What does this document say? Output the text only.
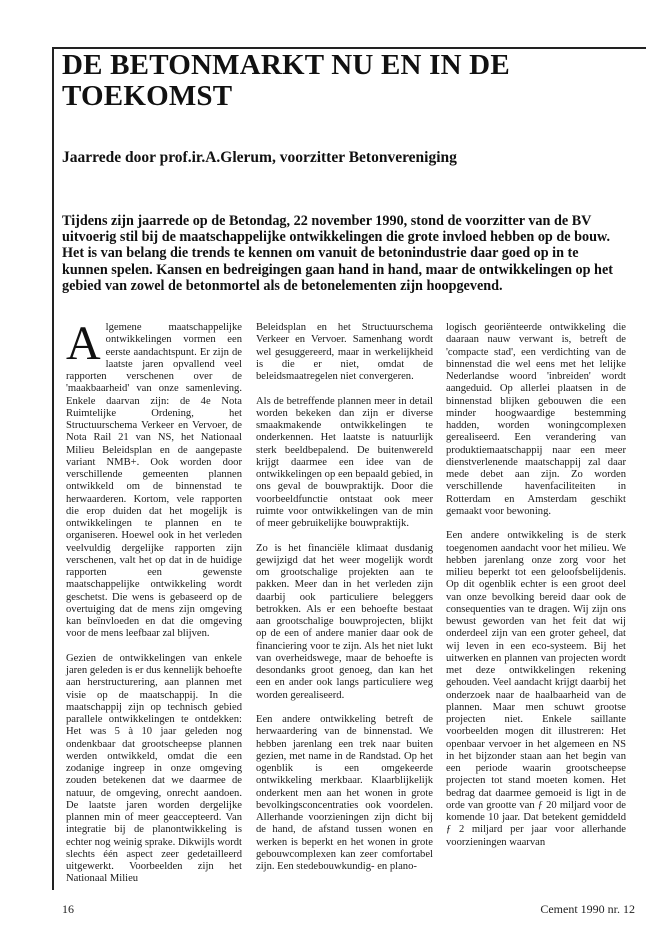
DE BETONMARKT NU EN IN DE TOEKOMST
Jaarrede door prof.ir.A.Glerum, voorzitter Betonvereniging

Tijdens zijn jaarrede op de Betondag, 22 november 1990, stond de voorzitter van de BV uitvoerig stil bij de maatschappelijke ontwikkelingen die grote invloed hebben op de bouw. Het is van belang die trends te kennen om vanuit de betonindustrie daar goed op in te kunnen spelen. Kansen en bedreigingen gaan hand in hand, maar de ontwikkelingen op het gebied van zowel de betonmortel als de betonelementen zijn hoopgevend.

Algemene maatschappelijke ontwikkelingen vormen een eerste aandachtspunt. Er zijn de laatste jaren opvallend veel rapporten verschenen over de 'maakbaarheid' van onze samenleving. Enkele daarvan zijn: de 4e Nota Ruimtelijke Ordening, het Structuurschema Verkeer en Vervoer, de Nota Rail 21 van NS, het Nationaal Milieu Beleidsplan en de aangepaste variant NMB+. Ook worden door verschillende gemeenten plannen ontwikkeld om de binnenstad te herwaarderen. Kortom, vele rapporten die erop duiden dat het mogelijk is ontwikkelingen te plannen en te organiseren. Hoewel ook in het verleden veelvuldig dergelijke rapporten zijn verschenen, valt het op dat in de huidige rapporten een gewenste maatschappelijke ontwikkeling wordt geschetst. Die wens is gebaseerd op de overtuiging dat de mens zijn omgeving kan beïnvloeden en dat die omgeving voor de mens leefbaar zal blijven.

Gezien de ontwikkelingen van enkele jaren geleden is er dus kennelijk behoefte aan herstructurering, aan plannen met visie op de maatschappij. In die maatschappij zijn op technisch gebied parallele ontwikkelingen te ontdekken: Het was 5 à 10 jaar geleden nog ondenkbaar dat grootscheepse plannen werden ontwikkeld, omdat die een zodanige ingreep in onze omgeving zouden betekenen dat we daarmee de natuur, de omgeving, onrecht aandoen. De laatste jaren worden dergelijke plannen min of meer geaccepteerd. Van integratie bij de planontwikkeling is echter nog weinig sprake. Dikwijls wordt slechts één aspect zeer gedetailleerd uitgewerkt. Voorbeelden zijn het Nationaal Milieu

Beleidsplan en het Structuurschema Verkeer en Vervoer. Samenhang wordt wel gesuggereerd, maar in werkelijkheid is die er niet, omdat de beleidsmaatregelen niet convergeren.

Als de betreffende plannen meer in detail worden bekeken dan zijn er diverse smaakmakende ontwikkelingen te onderkennen. Het laatste is natuurlijk sterk beeldbepalend. De buitenwereld krijgt daarmee een idee van de ontwikkelingen op een bepaald gebied, in ons geval de bouwpraktijk. Door die voorbeeldfunctie ontstaat ook meer ruimte voor ontwikkelingen van de min of meer gebruikelijke bouwpraktijk.

Zo is het financiële klimaat dusdanig gewijzigd dat het weer mogelijk wordt om grootschalige projekten aan te pakken. Meer dan in het verleden zijn daarbij ook particuliere beleggers betrokken. Als er een behoefte bestaat aan grootschalige bouwprojecten, blijkt op de een of andere manier daar ook de financiering voor te zijn. Als het niet lukt van overheidswege, maar de behoefte is desondanks groot genoeg, dan kan het een en ander ook langs particuliere weg worden gerealiseerd.

Een andere ontwikkeling betreft de herwaardering van de binnenstad. We hebben jarenlang een trek naar buiten gezien, met name in de Randstad. Op het ogenblik is een omgekeerde ontwikkeling merkbaar. Klaarblijkelijk onderkent men aan het wonen in grote bevolkingsconcentraties ook voordelen. Allerhande voorzieningen zijn dicht bij de hand, de afstand tussen wonen en werken is beperkt en het wonen in grote gebouwcomplexen kan zeer comfortabel zijn. Een stedebouwkundig- en plano-

logisch georiënteerde ontwikkeling die daaraan nauw verwant is, betreft de 'compacte stad', een verdichting van de binnenstad die wel eens met het lelijke Nederlandse woord 'inbreiden' wordt aangeduid. Op allerlei plaatsen in de binnenstad blijken gebouwen die een minder hoogwaardige bestemming hadden, worden woningcomplexen gerealiseerd. Een verandering van produktiemaatschappij naar een meer dienstverlenende maatschappij zal daar mede debet aan zijn. Zo worden verschillende havenfaciliteiten in Rotterdam en Amsterdam geschikt gemaakt voor bewoning.

Een andere ontwikkeling is de sterk toegenomen aandacht voor het milieu. We hebben jarenlang onze zorg voor het milieu beperkt tot een geloofsbelijdenis. Op dit ogenblik echter is een groot deel van onze bevolking bereid daar ook de consequenties van te dragen. Wij zijn ons bewust geworden van het feit dat wij onderdeel zijn van een groter geheel, dat wij leven in een eco-systeem. Bij het uitwerken en plannen van projecten wordt met deze ontwikkelingen rekening gehouden. Veel aandacht krijgt daarbij het onderzoek naar de haalbaarheid van de plannen. Maar men schuwt grootse projecten niet. Enkele saillante voorbeelden mogen dit illustreren: Het openbaar vervoer in het algemeen en NS in het bijzonder staan aan het begin van een periode waarin grootscheepse projecten tot stand moeten komen. Het bedrag dat daarmee gemoeid is ligt in de orde van grootte van ƒ 20 miljard voor de komende 10 jaar. Dat betekent gemiddeld ƒ 2 miljard per jaar voor allerhande voorzieningen waarvan

16	Cement 1990 nr. 12
